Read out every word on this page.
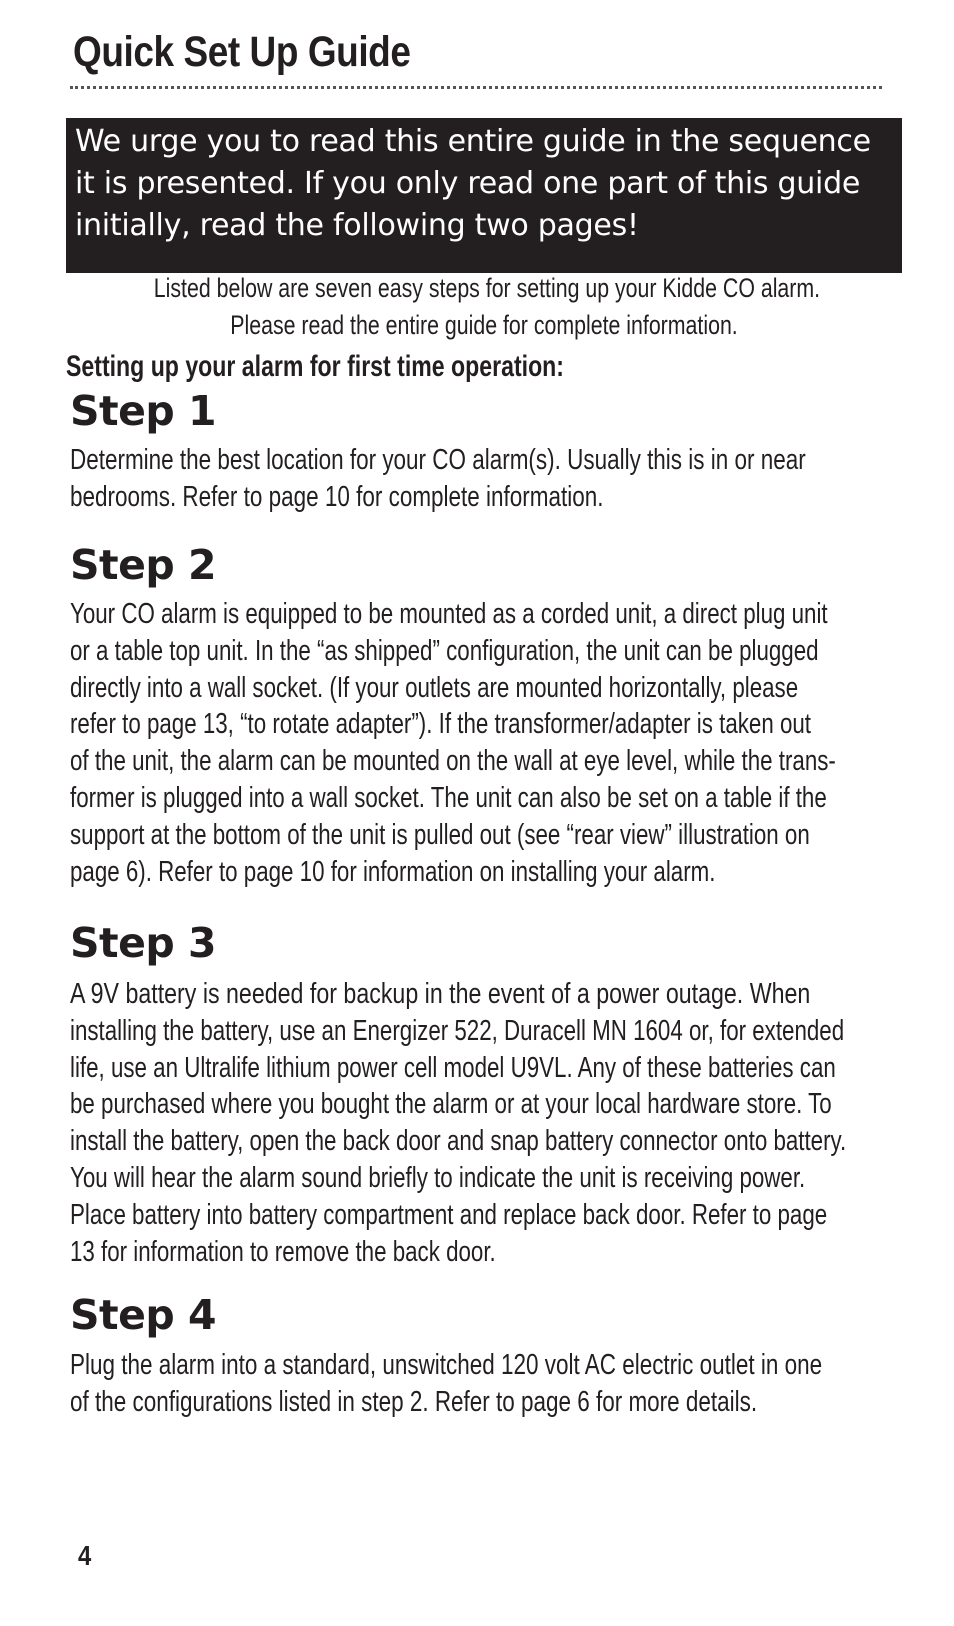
Quick Set Up Guide

We urge you to read this entire guide in the sequence

it is presented. If you only read one part of this guide

initially, read the following two pages!

Listed below are seven easy steps for setting up your Kidde CO alarm.
Please read the entire guide for complete information.
Setting up your alarm for first time operation:
Step 1
Determine the best location for your CO alarm(s). Usually this is in or near
bedrooms. Refer to page 10 for complete information.
Step 2
Your CO alarm is equipped to be mounted as a corded unit, a direct plug unit
or a table top unit. In the “as shipped” configuration, the unit can be plugged
directly into a wall socket. (If your outlets are mounted horizontally, please
refer to page 13, “to rotate adapter”). If the transformer/adapter is taken out
of the unit, the alarm can be mounted on the wall at eye level, while the trans-
former is plugged into a wall socket. The unit can also be set on a table if the
support at the bottom of the unit is pulled out (see “rear view” illustration on
page 6). Refer to page 10 for information on installing your alarm.
Step 3
A 9V battery is needed for backup in the event of a power outage. When
installing the battery, use an Energizer 522, Duracell MN 1604 or, for extended
life, use an Ultralife lithium power cell model U9VL. Any of these batteries can
be purchased where you bought the alarm or at your local hardware store. To
install the battery, open the back door and snap battery connector onto battery.
You will hear the alarm sound briefly to indicate the unit is receiving power.
Place battery into battery compartment and replace back door. Refer to page
13 for information to remove the back door.
Step 4
Plug the alarm into a standard, unswitched 120 volt AC electric outlet in one
of the configurations listed in step 2. Refer to page 6 for more details.

4
